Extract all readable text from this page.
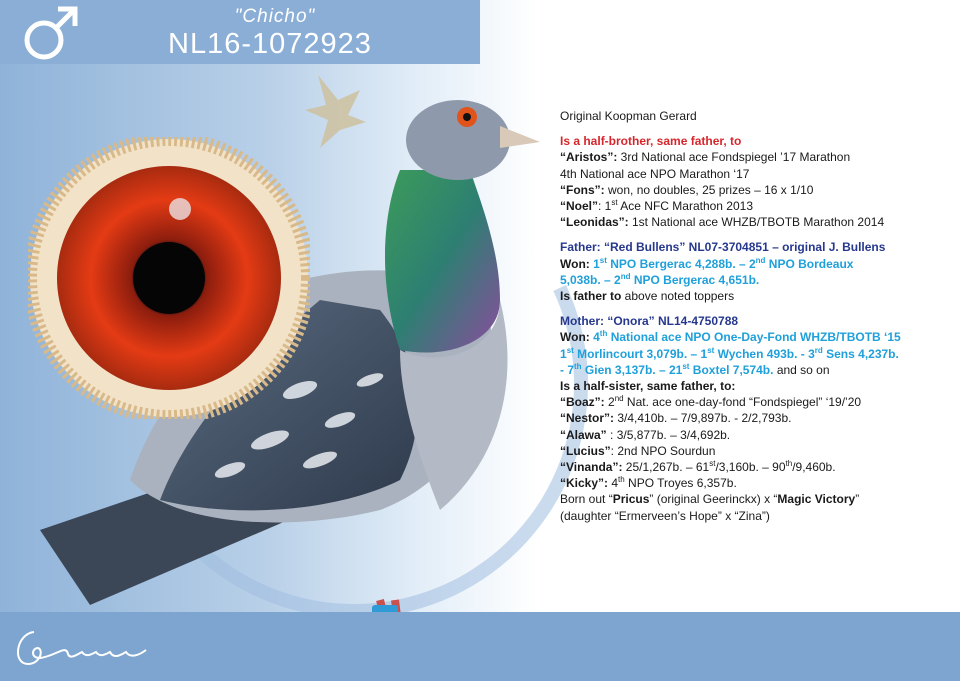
"Chicho"
NL16-1072923

Original Koopman Gerard

Is a half-brother, same father, to

“Aristos”: 3rd National ace Fondspiegel ’17 Marathon

4th National ace NPO Marathon ‘17

“Fons”: won, no doubles, 25 prizes – 16 x 1/10

“Noel”: 1st Ace NFC Marathon 2013

“Leonidas”: 1st National ace WHZB/TBOTB Marathon 2014

Father: “Red Bullens” NL07-3704851 – original J. Bullens

Won: 1st NPO Bergerac 4,288b. – 2nd NPO Bordeaux

5,038b. – 2nd NPO Bergerac 4,651b.

Is father to above noted toppers

Mother: “Onora” NL14-4750788

Won: 4th National ace NPO One-Day-Fond WHZB/TBOTB ‘15

1st Morlincourt 3,079b. – 1st Wychen 493b. - 3rd Sens 4,237b.

- 7th Gien 3,137b. – 21st Boxtel 7,574b. and so on

Is a half-sister, same father, to:

“Boaz”: 2nd Nat. ace one-day-fond “Fondspiegel” ‘19/’20

“Nestor”: 3/4,410b. – 7/9,897b. - 2/2,793b.

“Alawa” : 3/5,877b. – 3/4,692b.

“Lucius”: 2nd NPO Sourdun

“Vinanda”: 25/1,267b. – 61st/3,160b. – 90th/9,460b.

“Kicky”: 4th NPO Troyes 6,357b.

Born out “Pricus” (original Geerinckx) x “Magic Victory”

(daughter “Ermerveen’s Hope” x “Zina”)
